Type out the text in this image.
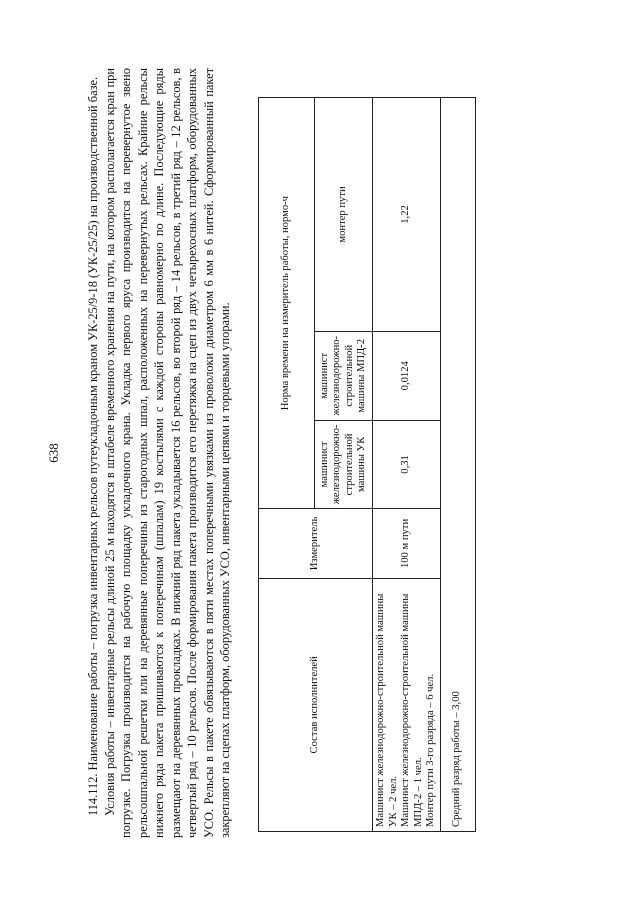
638 114.112. Наименование работы – погрузка инвентарных рельсов путеукладочным краном УК-25/9-18 (УК-25/25) на производственной базе. Условия работы – инвентарные рельсы длиной 25 м находятся в штабеле временного хранения на пути, на котором располагается кран при погрузке. Погрузка производится на рабочую площадку укладочного крана. Укладка первого яруса производится на перевернутое звено рельсошпальной решетки или на деревянные поперечины из старогодных шпал, расположенных на перевернутых рельсах. Крайние рельсы нижнего ряда пакета пришиваются к поперечинам (шпалам) 19 костылями с каждой стороны равномерно по длине. Последующие ряды размещают на деревянных прокладках. В нижний ряд пакета укладывается 16 рельсов, во второй ряд – 14 рельсов, в третий ряд – 12 рельсов, в четвертый ряд – 10 рельсов. После формирования пакета производится его перетяжка на сцеп из двух четырехосных платформ, оборудованных УСО. Рельсы в пакете обвязываются в пяти местах поперечными увязками из проволоки диаметром 6 мм в 6 нитей. Сформированный пакет закрепляют на сцепах платформ, оборудованных УСО, инвентарными цепями и торцевыми упорами.	Состав исполнителей	Измеритель	Норма времени на измеритель работы, нормо-ч		
		машинист железнодорожно-строительной машины УК	машинист железнодорожно-строительной машины МПД-2	монтер пути

Машинист железнодорожно-строительной машины УК – 2 чел. Машинист железнодорожно-строительной машины МПД-2 – 1 чел. Монтер пути 3-го разряда – 6 чел.	100 м пути	0,31	0,0124	1,22
Средний разряд работы – 3,00				
